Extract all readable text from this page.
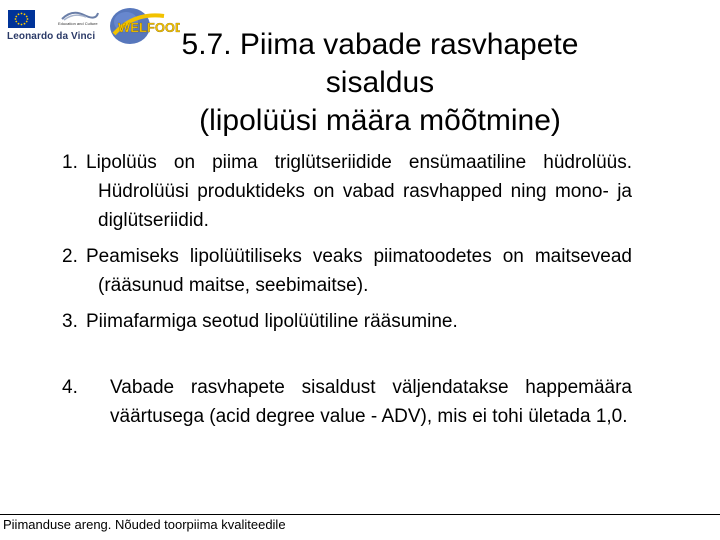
Education and Culture
Leonardo da Vinci
WELFOOD
5.7. Piima vabade rasvhapete
sisaldus
(lipolüüsi määra mõõtmine)
1. Lipolüüs on piima triglütseriidide ensümaatiline hüdrolüüs. Hüdrolüüsi produktideks on vabad rasvhapped ning mono- ja diglütseriidid.

2. Peamiseks lipolüütiliseks veaks piimatoodetes on maitsevead (rääsunud maitse, seebimaitse).

3. Piimafarmiga seotud lipolüütiline rääsumine.

4.	Vabade rasvhapete sisaldust väljendatakse happemäära väärtusega (acid degree value - ADV), mis ei tohi ületada 1,0.

Piimanduse areng. Nõuded toorpiima kvaliteedile
